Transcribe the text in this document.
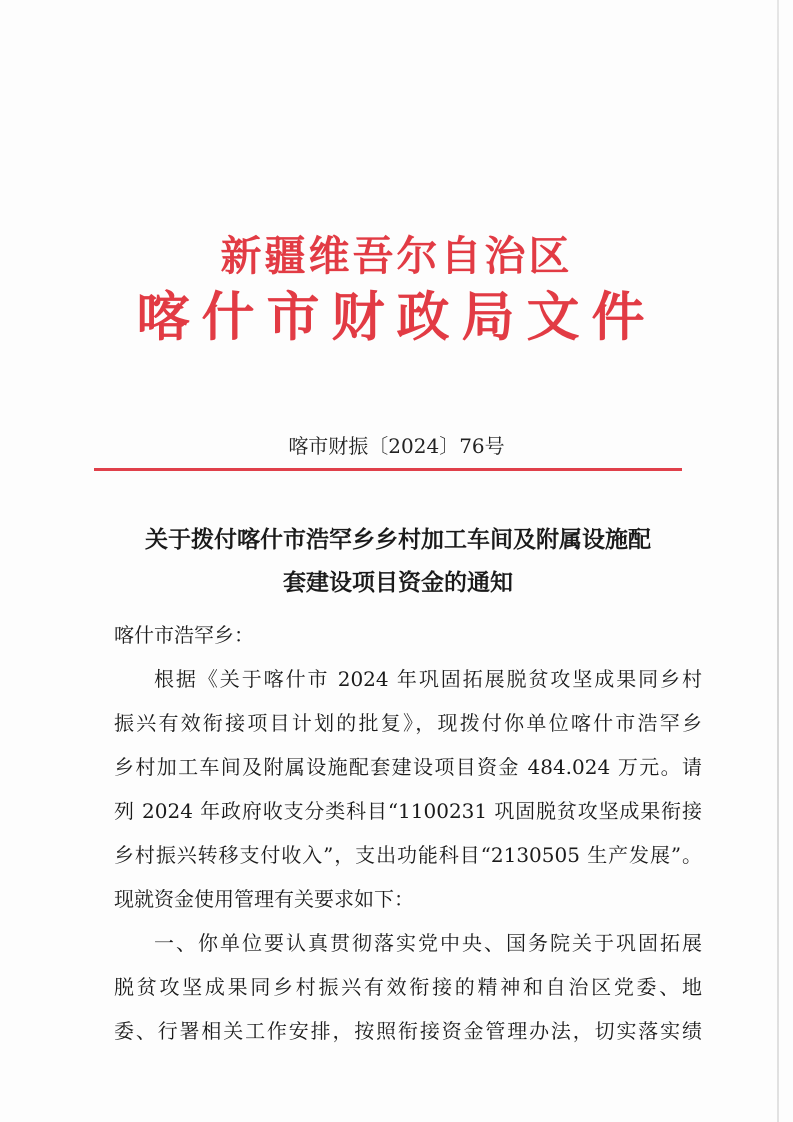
新疆维吾尔自治区
喀什市财政局文件
喀市财振〔2024〕76号
关于拨付喀什市浩罕乡乡村加工车间及附属设施配
套建设项目资金的通知
喀什市浩罕乡：
根据《关于喀什市 2024 年巩固拓展脱贫攻坚成果同乡村
振兴有效衔接项目计划的批复》，现拨付你单位喀什市浩罕乡
乡村加工车间及附属设施配套建设项目资金 484.024 万元。请
列 2024 年政府收支分类科目“1100231 巩固脱贫攻坚成果衔接
乡村振兴转移支付收入”，支出功能科目“2130505 生产发展”。
现就资金使用管理有关要求如下：
一、你单位要认真贯彻落实党中央、国务院关于巩固拓展
脱贫攻坚成果同乡村振兴有效衔接的精神和自治区党委、地
委、行署相关工作安排，按照衔接资金管理办法，切实落实绩
